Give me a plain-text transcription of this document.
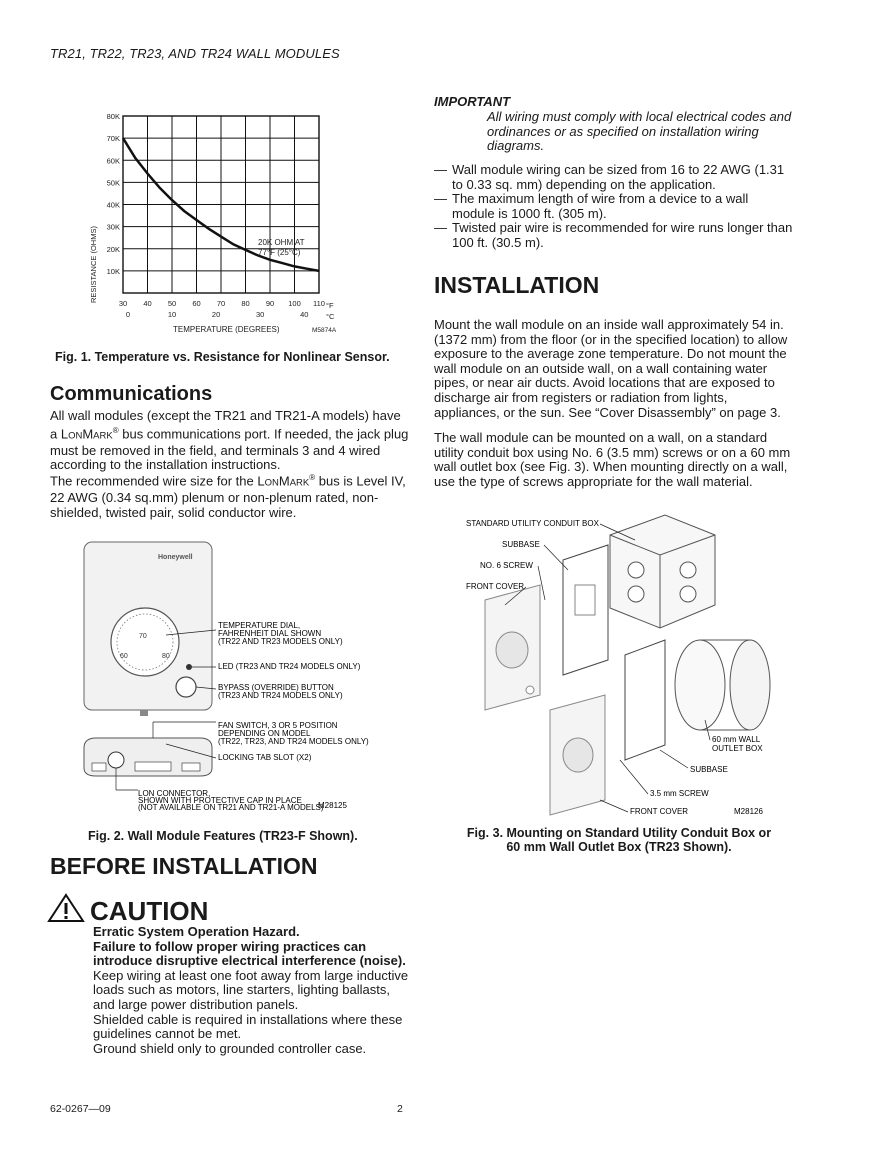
TR21, TR22, TR23, AND TR24 WALL MODULES
10K
20K
30K
40K
50K
60K
70K
80K
30 40 50 60 70 80 90 100 110
0	10	20	30	40
RESISTANCE (OHMS)
TEMPERATURE (DEGREES)	M5874A
20K OHM AT
77°F (25°C)
°F
°C
Fig. 1. Temperature vs. Resistance for Nonlinear Sensor.
Communications
All wall modules (except the TR21 and TR21-A models) have a LONMARK® bus communications port. If needed, the jack plug must be removed in the field, and terminals 3 and 4 wired according to the installation instructions.
The recommended wire size for the LONMARK® bus is Level IV, 22 AWG (0.34 sq.mm) plenum or non-plenum rated, non-shielded, twisted pair, solid conductor wire.
Honeywell
70
60	80
TEMPERATURE DIAL,
FAHRENHEIT DIAL SHOWN
(TR22 AND TR23 MODELS ONLY)
LED (TR23 AND TR24 MODELS ONLY)
BYPASS (OVERRIDE) BUTTON
(TR23 AND TR24 MODELS ONLY)
FAN SWITCH, 3 OR 5 POSITION
DEPENDING ON MODEL
(TR22, TR23, AND TR24 MODELS ONLY)
LOCKING TAB SLOT (X2)
LON CONNECTOR,
SHOWN WITH PROTECTIVE CAP IN PLACE
(NOT AVAILABLE ON TR21 AND TR21-A MODELS)
M28125
Fig. 2. Wall Module Features (TR23-F Shown).
BEFORE INSTALLATION
CAUTION
Erratic System Operation Hazard.
Failure to follow proper wiring practices can introduce disruptive electrical interference (noise).
Keep wiring at least one foot away from large inductive loads such as motors, line starters, lighting ballasts, and large power distribution panels.
Shielded cable is required in installations where these guidelines cannot be met.
Ground shield only to grounded controller case.
IMPORTANT
All wiring must comply with local electrical codes and ordinances or as specified on installation wiring diagrams.
— Wall module wiring can be sized from 16 to 22 AWG (1.31 to 0.33 sq. mm) depending on the application.
— The maximum length of wire from a device to a wall module is 1000 ft. (305 m).
— Twisted pair wire is recommended for wire runs longer than 100 ft. (30.5 m).
INSTALLATION
Mount the wall module on an inside wall approximately 54 in. (1372 mm) from the floor (or in the specified location) to allow exposure to the average zone temperature. Do not mount the wall module on an outside wall, on a wall containing water pipes, or near air ducts. Avoid locations that are exposed to discharge air from registers or radiation from lights, appliances, or the sun. See “Cover Disassembly” on page 3.
The wall module can be mounted on a wall, on a standard utility conduit box using No. 6 (3.5 mm) screws or on a 60 mm wall outlet box (see Fig. 3). When mounting directly on a wall, use the type of screws appropriate for the wall material.
STANDARD UTILITY CONDUIT BOX
SUBBASE
NO. 6 SCREW
FRONT COVER
60 mm WALL
OUTLET BOX
SUBBASE
3.5 mm SCREW
FRONT COVER	M28126
Fig. 3. Mounting on Standard Utility Conduit Box or
60 mm Wall Outlet Box (TR23 Shown).
62-0267—09	2
